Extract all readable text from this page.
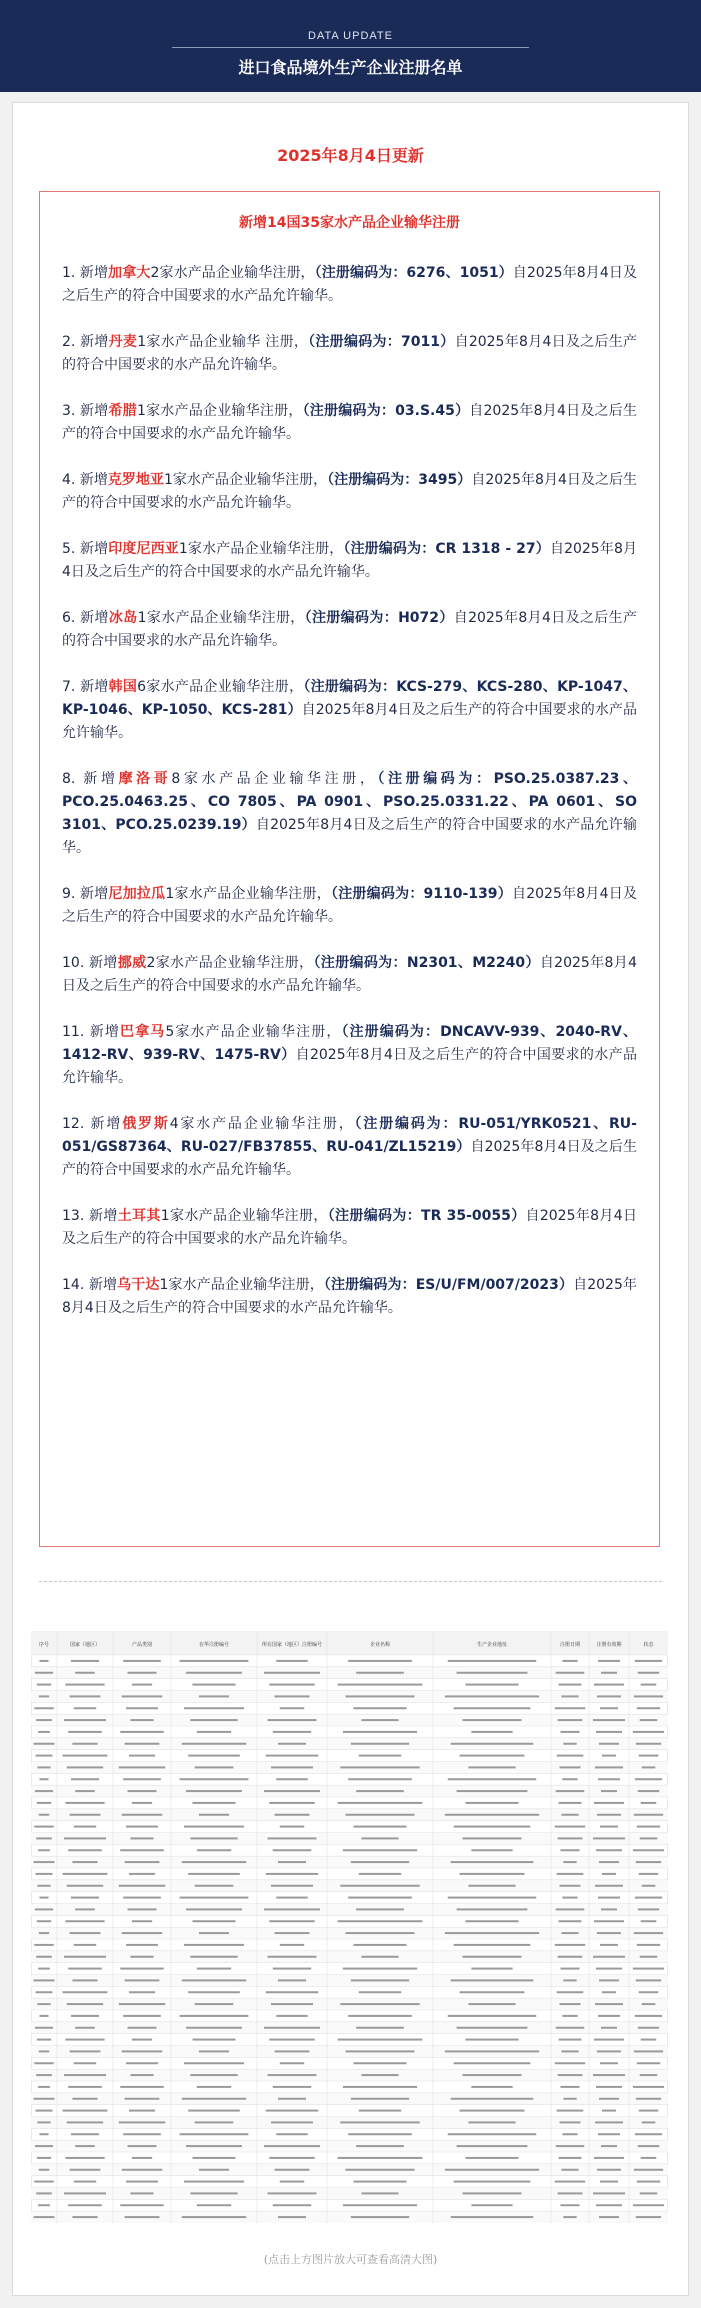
DATA UPDATE
进口食品境外生产企业注册名单
2025年8月4日更新
新增14国35家水产品企业输华注册

1. 新增加拿大2家水产品企业输华注册，（注册编码为：6276、1051）自2025年8月4日及之后生产的符合中国要求的水产品允许输华。

2. 新增丹麦1家水产品企业输华 注册，（注册编码为：7011）自2025年8月4日及之后生产的符合中国要求的水产品允许输华。

3. 新增希腊1家水产品企业输华注册，（注册编码为：03.S.45）自2025年8月4日及之后生产的符合中国要求的水产品允许输华。

4. 新增克罗地亚1家水产品企业输华注册，（注册编码为：3495）自2025年8月4日及之后生产的符合中国要求的水产品允许输华。

5. 新增印度尼西亚1家水产品企业输华注册，（注册编码为：CR 1318 - 27）自2025年8月4日及之后生产的符合中国要求的水产品允许输华。

6. 新增冰岛1家水产品企业输华注册，（注册编码为：H072）自2025年8月4日及之后生产的符合中国要求的水产品允许输华。

7. 新增韩国6家水产品企业输华注册，（注册编码为：KCS-279、KCS-280、KP-1047、KP-1046、KP-1050、KCS-281）自2025年8月4日及之后生产的符合中国要求的水产品允许输华。

8. 新增摩洛哥8家水产品企业输华注册，（注册编码为：PSO.25.0387.23、PCO.25.0463.25、CO 7805、PA 0901、PSO.25.0331.22、PA 0601、SO 3101、PCO.25.0239.19）自2025年8月4日及之后生产的符合中国要求的水产品允许输华。

9. 新增尼加拉瓜1家水产品企业输华注册，（注册编码为：9110-139）自2025年8月4日及之后生产的符合中国要求的水产品允许输华。

10. 新增挪威2家水产品企业输华注册，（注册编码为：N2301、M2240）自2025年8月4日及之后生产的符合中国要求的水产品允许输华。

11. 新增巴拿马5家水产品企业输华注册，（注册编码为：DNCAVV-939、2040-RV、1412-RV、939-RV、1475-RV）自2025年8月4日及之后生产的符合中国要求的水产品允许输华。

12. 新增俄罗斯4家水产品企业输华注册，（注册编码为：RU-051/YRK0521、RU-051/GS87364、RU-027/FB37855、RU-041/ZL15219）自2025年8月4日及之后生产的符合中国要求的水产品允许输华。

13. 新增土耳其1家水产品企业输华注册，（注册编码为：TR 35-0055）自2025年8月4日及之后生产的符合中国要求的水产品允许输华。

14. 新增乌干达1家水产品企业输华注册，（注册编码为：ES/U/FM/007/2023）自2025年8月4日及之后生产的符合中国要求的水产品允许输华。

序号	国家（地区）	产品类别	在华注册编号	所在国家（地区）注册编号	企业名称	生产企业地址	注册日期	注册有效期	状态
(点击上方图片放大可查看高清大图)
